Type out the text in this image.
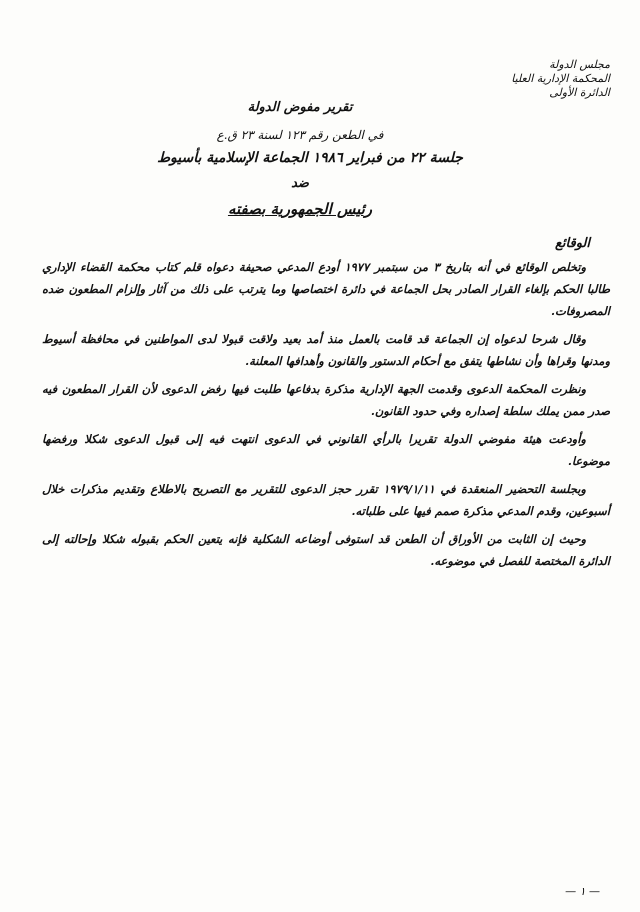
مجلس الدولة
المحكمة الإدارية العليا
الدائرة الأولى
تقرير مفوض الدولة
في الطعن رقم ١٢٣ لسنة ٢٣ ق.ع
جلسة ٢٢ من فبراير ١٩٨٦ الجماعة الإسلامية بأسيوط
ضد
رئيس الجمهورية بصفته
الوقائع

وتخلص الوقائع في أنه بتاريخ ٣ من سبتمبر ١٩٧٧ أودع المدعي صحيفة دعواه قلم كتاب محكمة القضاء الإداري طالبا الحكم بإلغاء القرار الصادر بحل الجماعة في دائرة اختصاصها وما يترتب على ذلك من آثار وإلزام المطعون ضده المصروفات.

وقال شرحا لدعواه إن الجماعة قد قامت بالعمل منذ أمد بعيد ولاقت قبولا لدى المواطنين في محافظة أسيوط ومدنها وقراها وأن نشاطها يتفق مع أحكام الدستور والقانون وأهدافها المعلنة.

ونظرت المحكمة الدعوى وقدمت الجهة الإدارية مذكرة بدفاعها طلبت فيها رفض الدعوى لأن القرار المطعون فيه صدر ممن يملك سلطة إصداره وفي حدود القانون.

وأودعت هيئة مفوضي الدولة تقريرا بالرأي القانوني في الدعوى انتهت فيه إلى قبول الدعوى شكلا ورفضها موضوعا.

وبجلسة التحضير المنعقدة في ١٩٧٩/١/١١ تقرر حجز الدعوى للتقرير مع التصريح بالاطلاع وتقديم مذكرات خلال أسبوعين، وقدم المدعي مذكرة صمم فيها على طلباته.

وحيث إن الثابت من الأوراق أن الطعن قد استوفى أوضاعه الشكلية فإنه يتعين الحكم بقبوله شكلا وإحالته إلى الدائرة المختصة للفصل في موضوعه.

— ١ —
